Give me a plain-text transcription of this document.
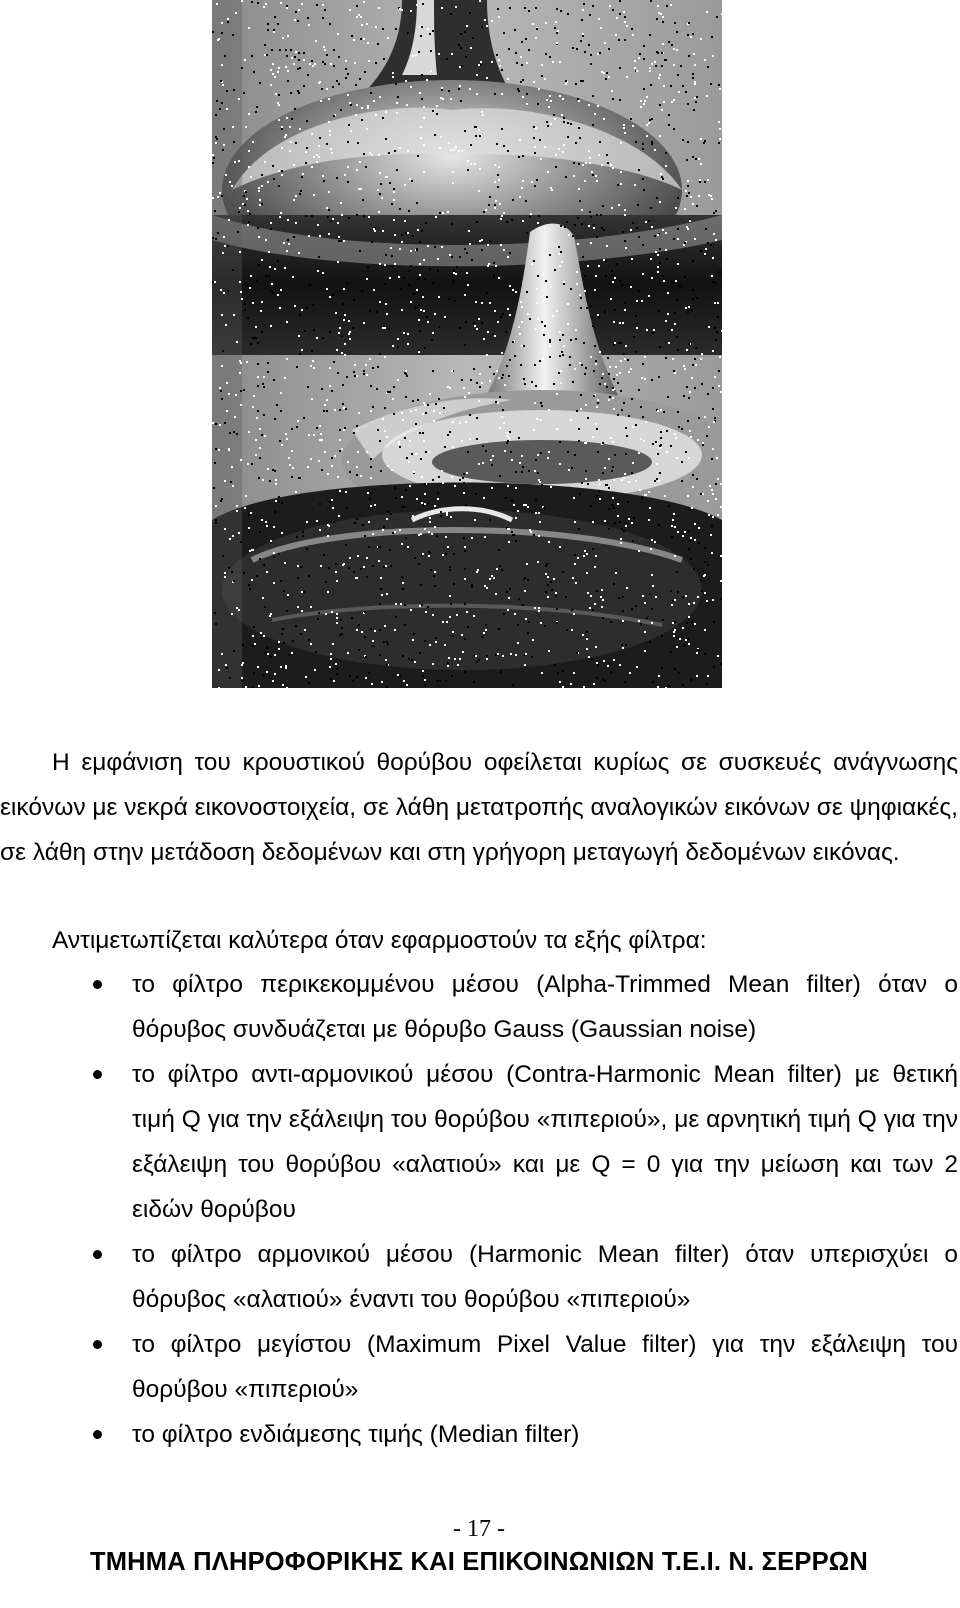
Η εμφάνιση του κρουστικού θορύβου οφείλεται κυρίως σε συσκευές ανάγνωσης εικόνων με νεκρά εικονοστοιχεία, σε λάθη μετατροπής αναλογικών εικόνων σε ψηφιακές, σε λάθη στην μετάδοση δεδομένων και στη γρήγορη μεταγωγή δεδομένων εικόνας.

Αντιμετωπίζεται καλύτερα όταν εφαρμοστούν τα εξής φίλτρα:

το φίλτρο περικεκομμένου μέσου (Alpha-Trimmed Mean filter) όταν ο θόρυβος συνδυάζεται με θόρυβο Gauss (Gaussian noise)
το φίλτρο αντι-αρμονικού μέσου (Contra-Harmonic Mean filter) με θετική τιμή Q για την εξάλειψη του θορύβου «πιπεριού», με αρνητική τιμή Q για την εξάλειψη του θορύβου «αλατιού» και με Q = 0 για την μείωση και των 2 ειδών θορύβου
το φίλτρο αρμονικού μέσου (Harmonic Mean filter) όταν υπερισχύει ο θόρυβος «αλατιού» έναντι του θορύβου «πιπεριού»
το φίλτρο μεγίστου (Maximum Pixel Value filter) για την εξάλειψη του θορύβου «πιπεριού»
το φίλτρο ενδιάμεσης τιμής (Median filter)
- 17 -
ΤΜΗΜΑ ΠΛΗΡΟΦΟΡΙΚΗΣ ΚΑΙ ΕΠΙΚΟΙΝΩΝΙΩΝ Τ.Ε.Ι. Ν. ΣΕΡΡΩΝ
